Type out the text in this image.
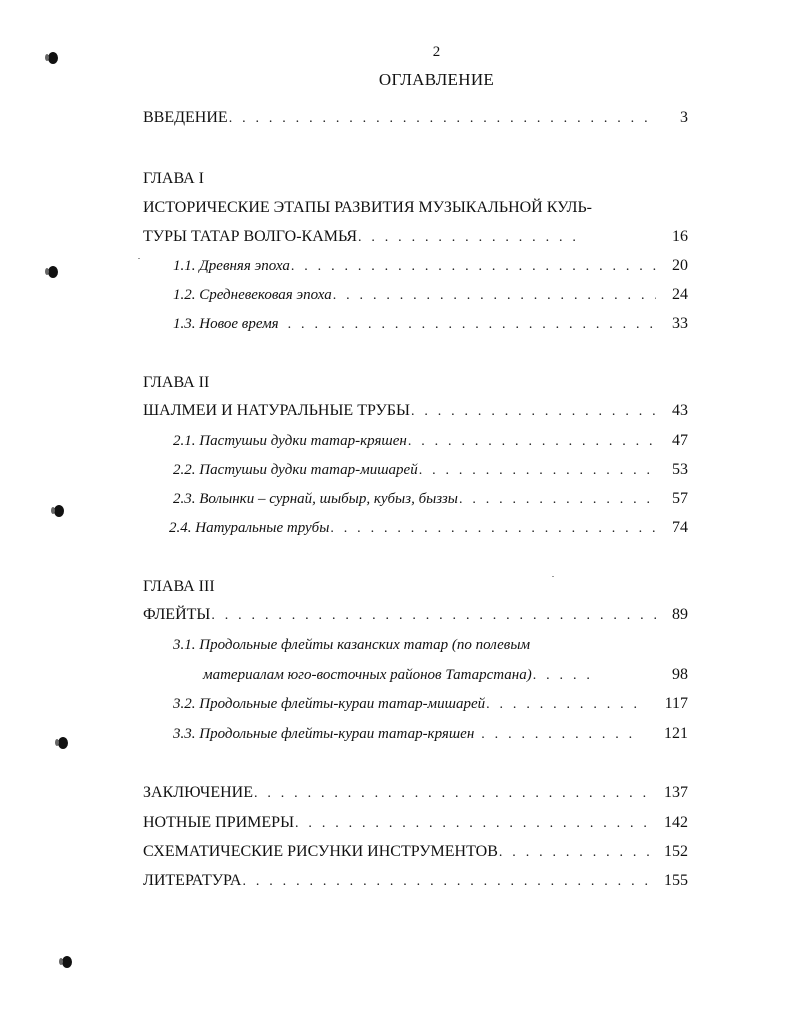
2
ОГЛАВЛЕНИЕ
ВВЕДЕНИЕ . . .	3
ГЛАВА I
ИСТОРИЧЕСКИЕ ЭТАПЫ РАЗВИТИЯ МУЗЫКАЛЬНОЙ КУЛЬ-
ТУРЫ ТАТАР ВОЛГО-КАМЬЯ . . .	16
1.1. Древняя эпоха . . .	20
1.2. Средневековая эпоха . . .	24
1.3. Новое время . . .	33
ГЛАВА II
ШАЛМЕИ И НАТУРАЛЬНЫЕ ТРУБЫ . . .	43
2.1. Пастушьи дудки татар-кряшен . . .	47
2.2. Пастушьи дудки татар-мишарей . . .	53
2.3. Волынки – сурнай, шыбыр, кубыз, быззы . . .	57
2.4. Натуральные трубы . . .	74
ГЛАВА III
ФЛЕЙТЫ . . .	89
3.1. Продольные флейты казанских татар (по полевым
материалам юго-восточных районов Татарстана) . . .	98
3.2. Продольные флейты-кураи татар-мишарей . . .	117
3.3. Продольные флейты-кураи татар-кряшен . . .	121
ЗАКЛЮЧЕНИЕ . . .	137
НОТНЫЕ ПРИМЕРЫ . . .	142
СХЕМАТИЧЕСКИЕ РИСУНКИ ИНСТРУМЕНТОВ . . .	152
ЛИТЕРАТУРА . . .	155
